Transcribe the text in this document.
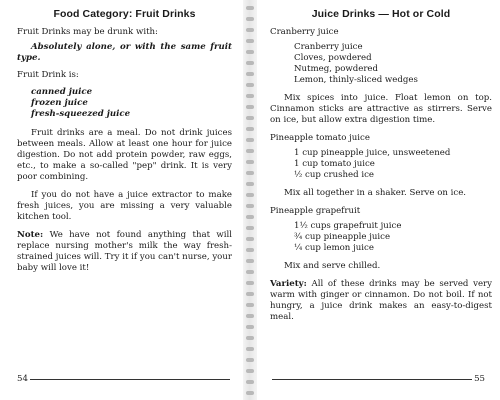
Food Category: Fruit Drinks

Fruit Drinks may be drunk with:

Absolutely alone, or with the same fruit type.

Fruit Drink is:

canned juice
frozen juice
fresh-squeezed juice

Fruit drinks are a meal. Do not drink juices between meals. Allow at least one hour for juice digestion. Do not add protein powder, raw eggs, etc., to make a so-called "pep" drink. It is very poor combining.

If you do not have a juice extractor to make fresh juices, you are missing a very valuable kitchen tool.

Note: We have not found anything that will replace nursing mother's milk the way fresh-strained juices will. Try it if you can't nurse, your baby will love it!

Juice Drinks — Hot or Cold

Cranberry juice

Cranberry juice
Cloves, powdered
Nutmeg, powdered
Lemon, thinly-sliced wedges

Mix spices into juice. Float lemon on top. Cinnamon sticks are attractive as stirrers. Serve on ice, but allow extra digestion time.

Pineapple tomato juice

1 cup pineapple juice, unsweetened
1 cup tomato juice
½ cup crushed ice

Mix all together in a shaker. Serve on ice.

Pineapple grapefruit

1½ cups grapefruit juice
¾ cup pineapple juice
¼ cup lemon juice

Mix and serve chilled.

Variety: All of these drinks may be served very warm with ginger or cinnamon. Do not boil. If not hungry, a juice drink makes an easy-to-digest meal.

54	55
